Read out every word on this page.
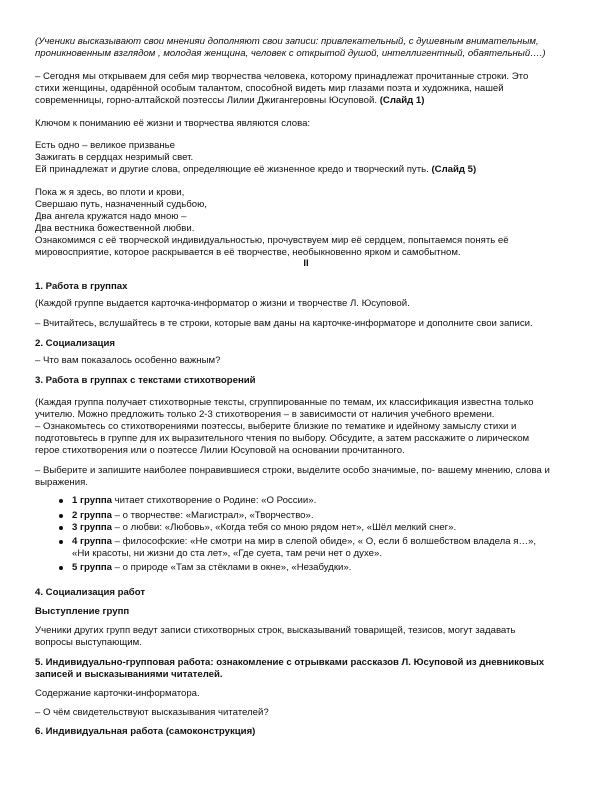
(Ученики высказывают свои мненияи дополняют свои записи: привлекательный, с душевным внимательным,
проникновенным взглядом , молодая женщина, человек с открытой душой, интеллигентный, обаятельный….)
– Сегодня мы открываем для себя мир творчества человека, которому принадлежат прочитанные строки. Это
стихи женщины, одарённой особым талантом, способной видеть мир глазами поэта и художника, нашей
современницы, горно-алтайской поэтессы Лилии Джигангеровны Юсуповой. (Слайд 1)
Ключом к пониманию её жизни и творчества являются слова:
Есть одно – великое призванье
Зажигать в сердцах незримый свет.
Ей принадлежат и другие слова, определяющие её жизненное кредо и творческий путь. (Слайд 5)
Пока ж я здесь, во плоти и крови,
Свершаю путь, назначенный судьбою,
Два ангела кружатся надо мною –
Два вестника божественной любви.
Ознакомимся с её творческой индивидуальностью, прочувствуем мир её сердцем, попытаемся понять её
мировосприятие, которое раскрывается в её творчестве, необыкновенно ярком и самобытном.
II
1. Работа в группах
(Каждой группе выдается карточка-информатор о жизни и творчестве Л. Юсуповой.
– Вчитайтесь, вслушайтесь в те строки, которые вам даны на карточке-информаторе и дополните свои записи.
2. Социализация
– Что вам показалось особенно важным?
3. Работа в группах с текстами стихотворений
(Каждая группа получает стихотворные тексты, сгруппированные по темам, их классификация известна только
учителю. Можно предложить только 2-3 стихотворения – в зависимости от наличия учебного времени.
– Ознакомьтесь со стихотворениями поэтессы, выберите близкие по тематике и идейному замыслу стихи и
подготовьтесь в группе для их выразительного чтения по выбору. Обсудите, а затем расскажите о лирическом
герое стихотворения или о поэтессе Лилии Юсуповой на основании прочитанного.
– Выберите и запишите наиболее понравившиеся строки, выделите особо значимые, по- вашему мнению, слова и
выражения.
1 группа читает стихотворение о Родине: «О России».
2 группа – о творчестве: «Магистрал», «Творчество».
3 группа – о любви: «Любовь», «Когда тебя со мною рядом нет», «Шёл мелкий снег».
4 группа – философские: «Не смотри на мир в слепой обиде», « О, если б волшебством владела я…»,
«Ни красоты, ни жизни до ста лет», «Где суета, там речи нет о духе».
5 группа – о природе «Там за стёклами в окне», «Незабудки».
4. Социализация работ
Выступление групп
Ученики других групп ведут записи стихотворных строк, высказываний товарищей, тезисов, могут задавать
вопросы выступающим.
5. Индивидуально-групповая работа: ознакомление с отрывками рассказов Л. Юсуповой из дневниковых
записей и высказываниями читателей.
Содержание карточки-информатора.
– О чём свидетельствуют высказывания читателей?
6. Индивидуальная работа (самоконструкция)
